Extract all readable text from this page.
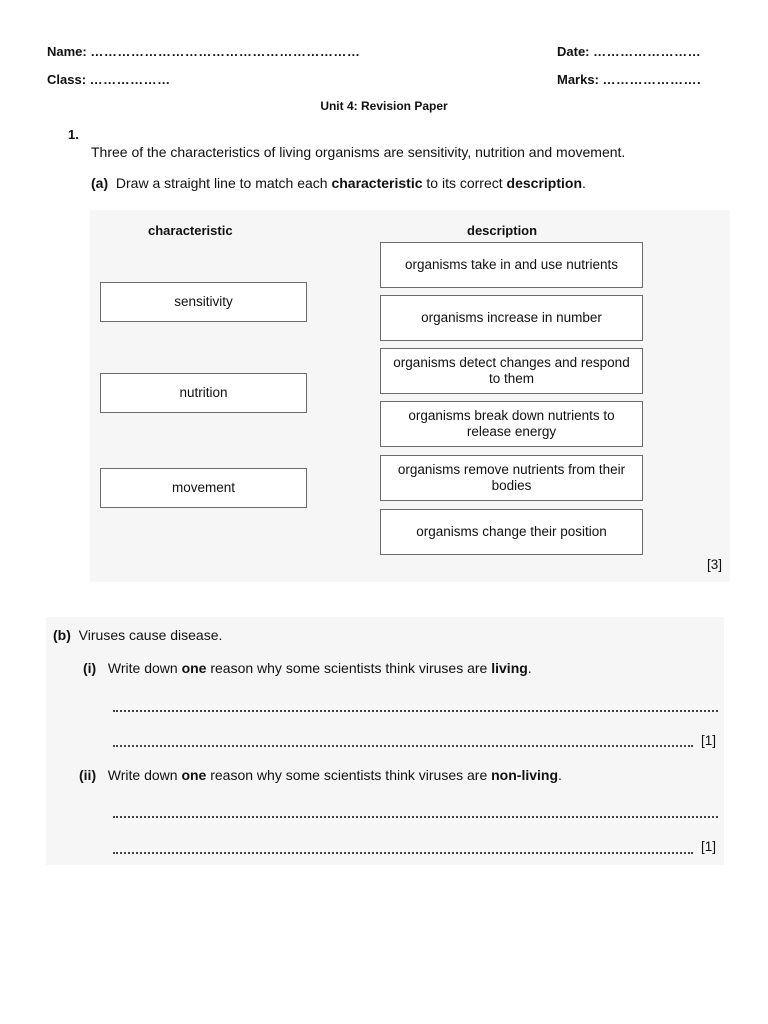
Name: ……………………………………………………	Date: ……………………
Class: ………………	Marks: ………………….
Unit 4: Revision Paper
1.
Three of the characteristics of living organisms are sensitivity, nutrition and movement.
(a) Draw a straight line to match each characteristic to its correct description.
characteristic	description
sensitivity
nutrition
movement
organisms take in and use nutrients
organisms increase in number
organisms detect changes and respond to them
organisms break down nutrients to release energy
organisms remove nutrients from their bodies
organisms change their position
[3]
(b) Viruses cause disease.
(i) Write down one reason why some scientists think viruses are living.
[1]
(ii) Write down one reason why some scientists think viruses are non-living.
[1]
